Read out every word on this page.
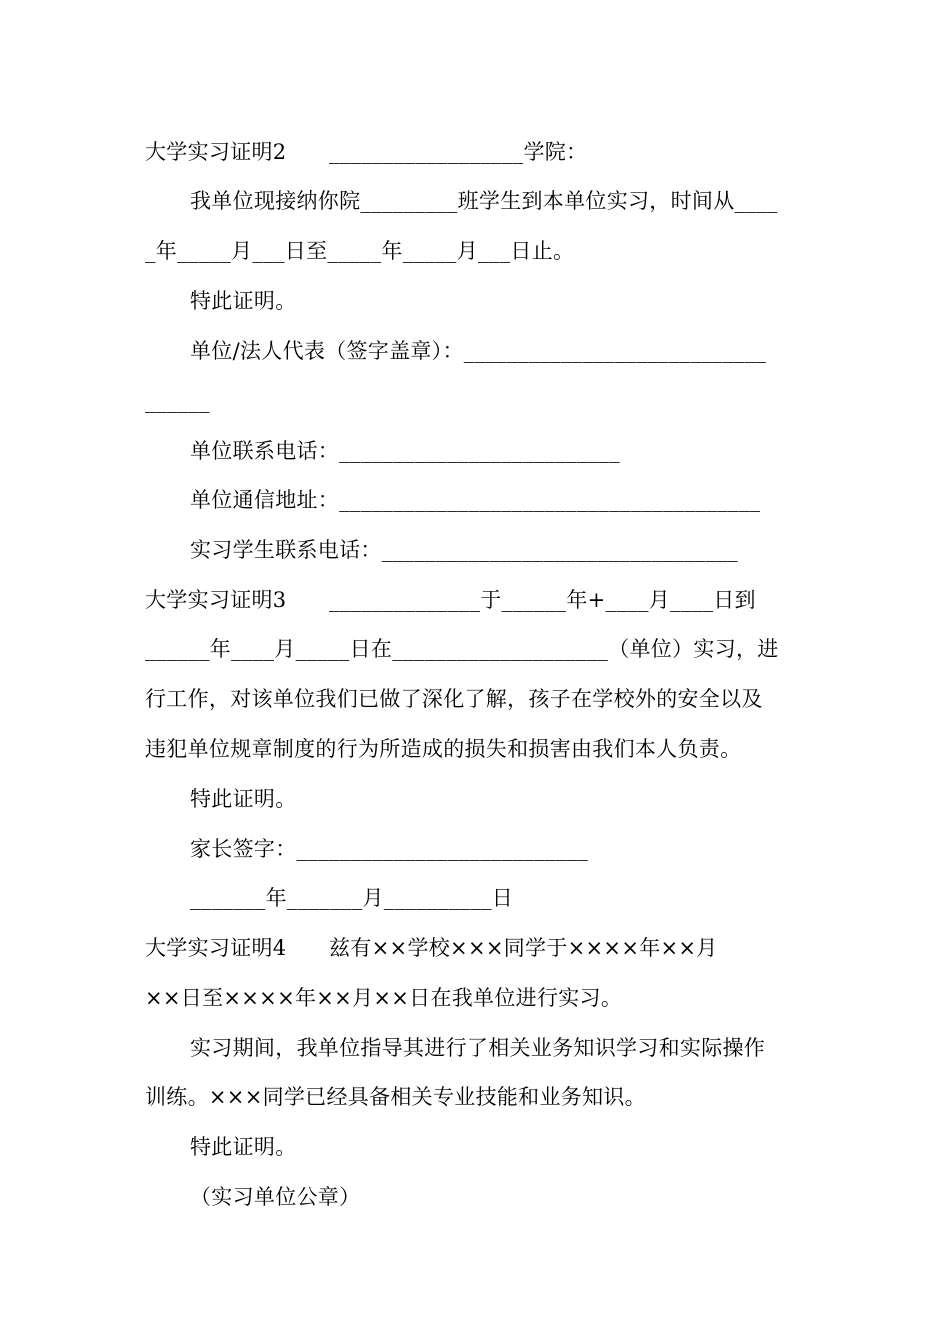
大学实习证明2　　__________________学院：
我单位现接纳你院_________班学生到本单位实习，时间从____
_年_____月___日至_____年_____月___日止。
特此证明。
单位/法人代表（签字盖章）：____________________________
______
单位联系电话：__________________________
单位通信地址：_______________________________________
实习学生联系电话：_________________________________
大学实习证明3　　______________于______年+____月____日到
______年____月_____日在____________________（单位）实习，进
行工作，对该单位我们已做了深化了解，孩子在学校外的安全以及
违犯单位规章制度的行为所造成的损失和损害由我们本人负责。
特此证明。
家长签字：___________________________
_______年_______月__________日
大学实习证明4　　兹有××学校×××同学于××××年××月
××日至××××年××月××日在我单位进行实习。
实习期间，我单位指导其进行了相关业务知识学习和实际操作
训练。×××同学已经具备相关专业技能和业务知识。
特此证明。
（实习单位公章）
